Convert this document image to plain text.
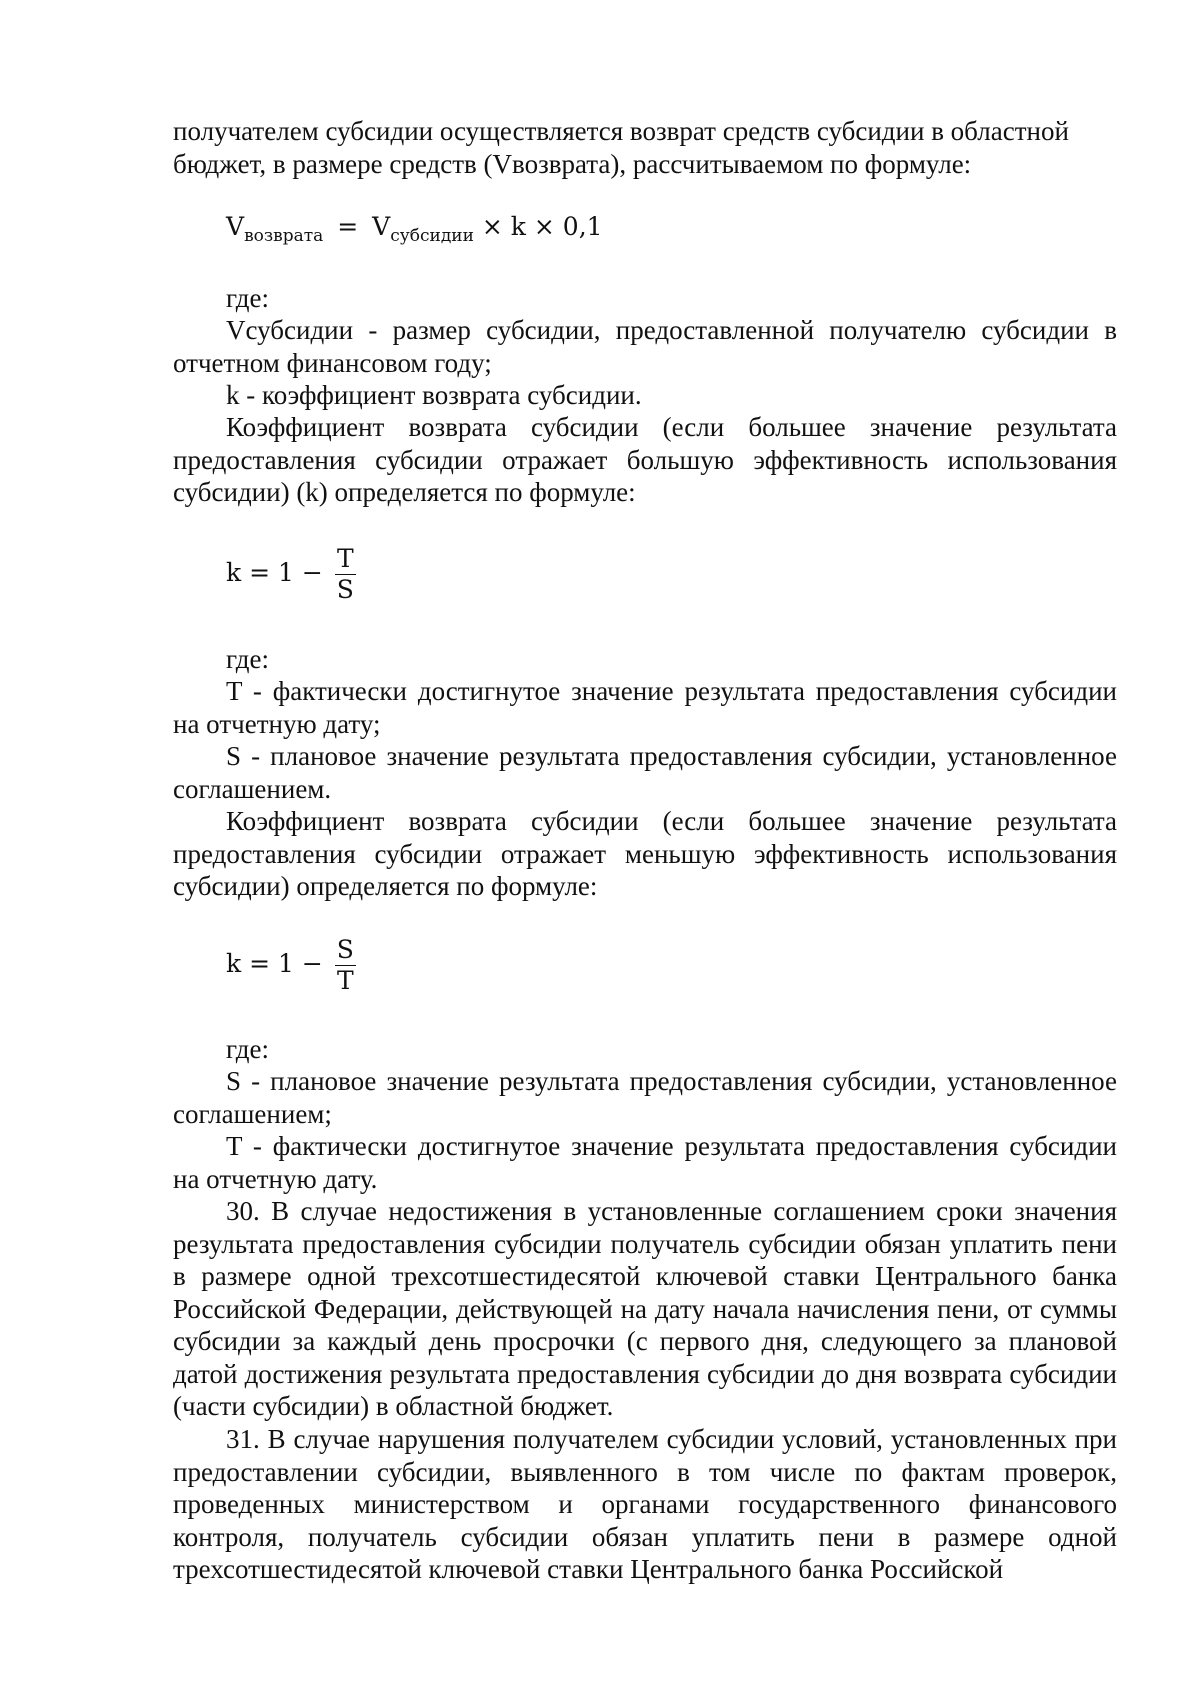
получателем субсидии осуществляется возврат средств субсидии в областной

бюджет, в размере средств (Vвозврата), рассчитываемом по формуле:

$V_{возврата} = V_{субсидии} \times k \times 0,1$

где:

Vсубсидии - размер субсидии, предоставленной получателю субсидии в отчетном финансовом году;

k - коэффициент возврата субсидии.

Коэффициент возврата субсидии (если большее значение результата предоставления субсидии отражает большую эффективность использования субсидии) (k) определяется по формуле:

$k = 1 - \frac{T}{S}$

где:

T - фактически достигнутое значение результата предоставления субсидии на отчетную дату;

S - плановое значение результата предоставления субсидии, установленное соглашением.

Коэффициент возврата субсидии (если большее значение результата предоставления субсидии отражает меньшую эффективность использования субсидии) определяется по формуле:

$k = 1 - \frac{S}{T}$

где:

S - плановое значение результата предоставления субсидии, установленное соглашением;

T - фактически достигнутое значение результата предоставления субсидии на отчетную дату.

30. В случае недостижения в установленные соглашением сроки значения результата предоставления субсидии получатель субсидии обязан уплатить пени в размере одной трехсотшестидесятой ключевой ставки Центрального банка Российской Федерации, действующей на дату начала начисления пени, от суммы субсидии за каждый день просрочки (с первого дня, следующего за плановой датой достижения результата предоставления субсидии до дня возврата субсидии (части субсидии) в областной бюджет.

31. В случае нарушения получателем субсидии условий, установленных при предоставлении субсидии, выявленного в том числе по фактам проверок, проведенных министерством и органами государственного финансового контроля, получатель субсидии обязан уплатить пени в размере одной трехсотшестидесятой ключевой ставки Центрального банка Российской
